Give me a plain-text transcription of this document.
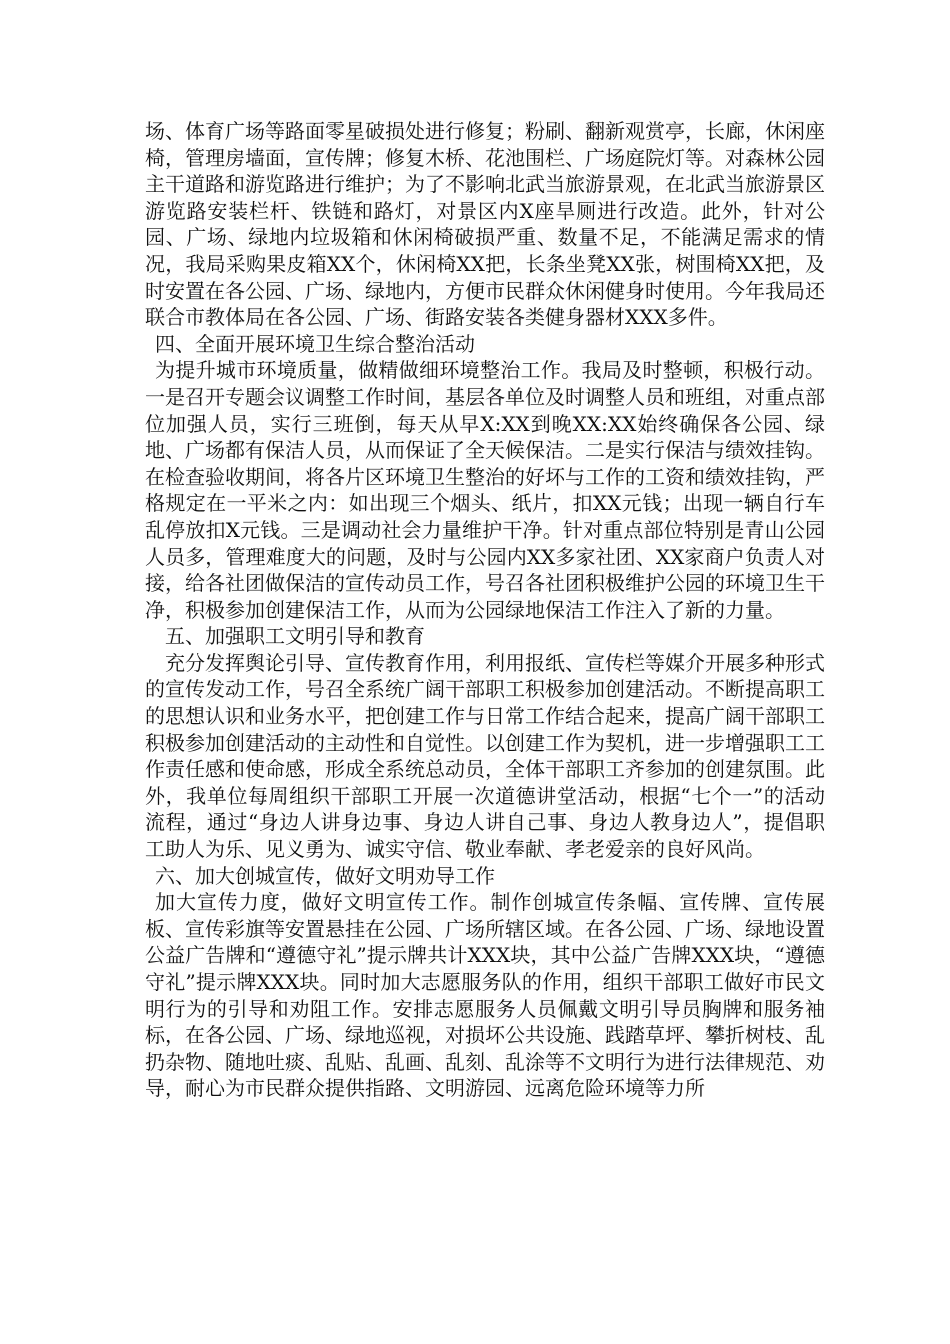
场、体育广场等路面零星破损处进行修复；粉刷、翻新观赏亭，长廊，休闲座椅，管理房墙面，宣传牌；修复木桥、花池围栏、广场庭院灯等。对森林公园主干道路和游览路进行维护；为了不影响北武当旅游景观，在北武当旅游景区游览路安装栏杆、铁链和路灯，对景区内X座旱厕进行改造。此外，针对公园、广场、绿地内垃圾箱和休闲椅破损严重、数量不足，不能满足需求的情况，我局采购果皮箱XX个，休闲椅XX把，长条坐凳XX张，树围椅XX把，及时安置在各公园、广场、绿地内，方便市民群众休闲健身时使用。今年我局还联合市教体局在各公园、广场、街路安装各类健身器材XXX多件。

四、全面开展环境卫生综合整治活动

为提升城市环境质量，做精做细环境整治工作。我局及时整顿，积极行动。一是召开专题会议调整工作时间，基层各单位及时调整人员和班组，对重点部位加强人员，实行三班倒，每天从早X:XX到晚XX:XX始终确保各公园、绿地、广场都有保洁人员，从而保证了全天候保洁。二是实行保洁与绩效挂钩。在检查验收期间，将各片区环境卫生整治的好坏与工作的工资和绩效挂钩，严格规定在一平米之内：如出现三个烟头、纸片，扣XX元钱；出现一辆自行车乱停放扣X元钱。三是调动社会力量维护干净。针对重点部位特别是青山公园人员多，管理难度大的问题，及时与公园内XX多家社团、XX家商户负责人对接，给各社团做保洁的宣传动员工作，号召各社团积极维护公园的环境卫生干净，积极参加创建保洁工作，从而为公园绿地保洁工作注入了新的力量。

五、加强职工文明引导和教育

充分发挥舆论引导、宣传教育作用，利用报纸、宣传栏等媒介开展多种形式的宣传发动工作，号召全系统广阔干部职工积极参加创建活动。不断提高职工的思想认识和业务水平，把创建工作与日常工作结合起来，提高广阔干部职工积极参加创建活动的主动性和自觉性。以创建工作为契机，进一步增强职工工作责任感和使命感，形成全系统总动员，全体干部职工齐参加的创建氛围。此外，我单位每周组织干部职工开展一次道德讲堂活动，根据“七个一”的活动流程，通过“身边人讲身边事、身边人讲自己事、身边人教身边人”，提倡职工助人为乐、见义勇为、诚实守信、敬业奉献、孝老爱亲的良好风尚。

六、加大创城宣传，做好文明劝导工作

加大宣传力度，做好文明宣传工作。制作创城宣传条幅、宣传牌、宣传展板、宣传彩旗等安置悬挂在公园、广场所辖区域。在各公园、广场、绿地设置公益广告牌和“遵德守礼”提示牌共计XXX块，其中公益广告牌XXX块，“遵德守礼”提示牌XXX块。同时加大志愿服务队的作用，组织干部职工做好市民文明行为的引导和劝阻工作。安排志愿服务人员佩戴文明引导员胸牌和服务袖标，在各公园、广场、绿地巡视，对损坏公共设施、践踏草坪、攀折树枝、乱扔杂物、随地吐痰、乱贴、乱画、乱刻、乱涂等不文明行为进行法律规范、劝导，耐心为市民群众提供指路、文明游园、远离危险环境等力所
